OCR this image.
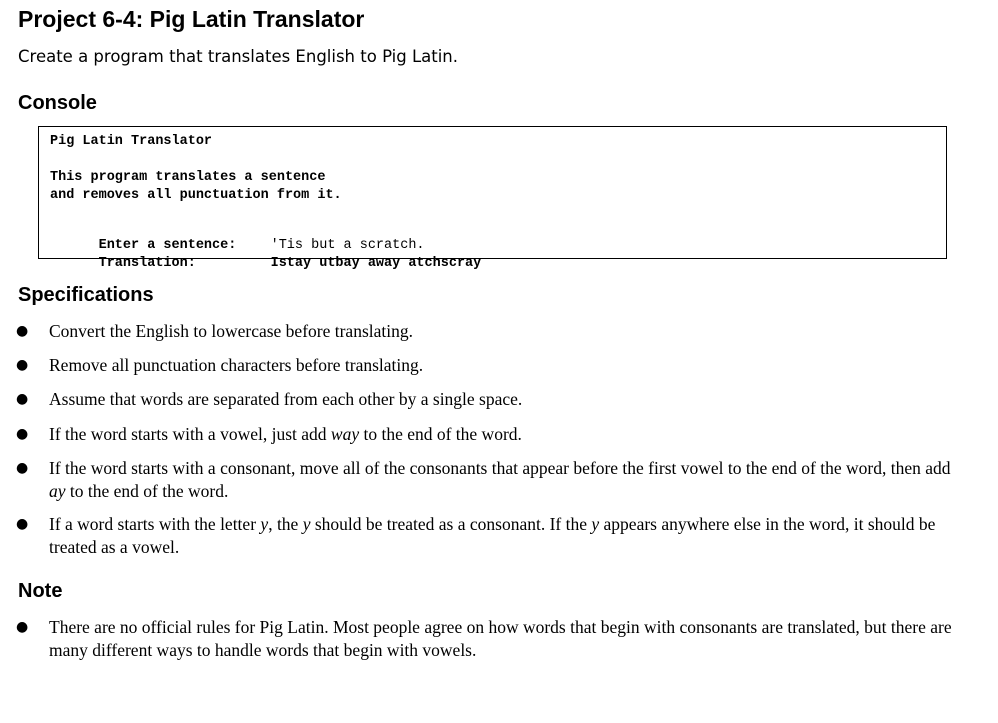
Project 6-4: Pig Latin Translator
Create a program that translates English to Pig Latin.
Console
Pig Latin Translator
This program translates a sentence
and removes all punctuation from it.

Enter a sentence:	'Tis but a scratch.

Translation:	Istay utbay away atchscray

Specifications
● Convert the English to lowercase before translating.
● Remove all punctuation characters before translating.
● Assume that words are separated from each other by a single space.
● If the word starts with a vowel, just add way to the end of the word.
● If the word starts with a consonant, move all of the consonants that appear before the first vowel to the end of the word, then add ay to the end of the word.
● If a word starts with the letter y, the y should be treated as a consonant. If the y appears anywhere else in the word, it should be treated as a vowel.
Note
● There are no official rules for Pig Latin. Most people agree on how words that begin with consonants are translated, but there are many different ways to handle words that begin with vowels.
